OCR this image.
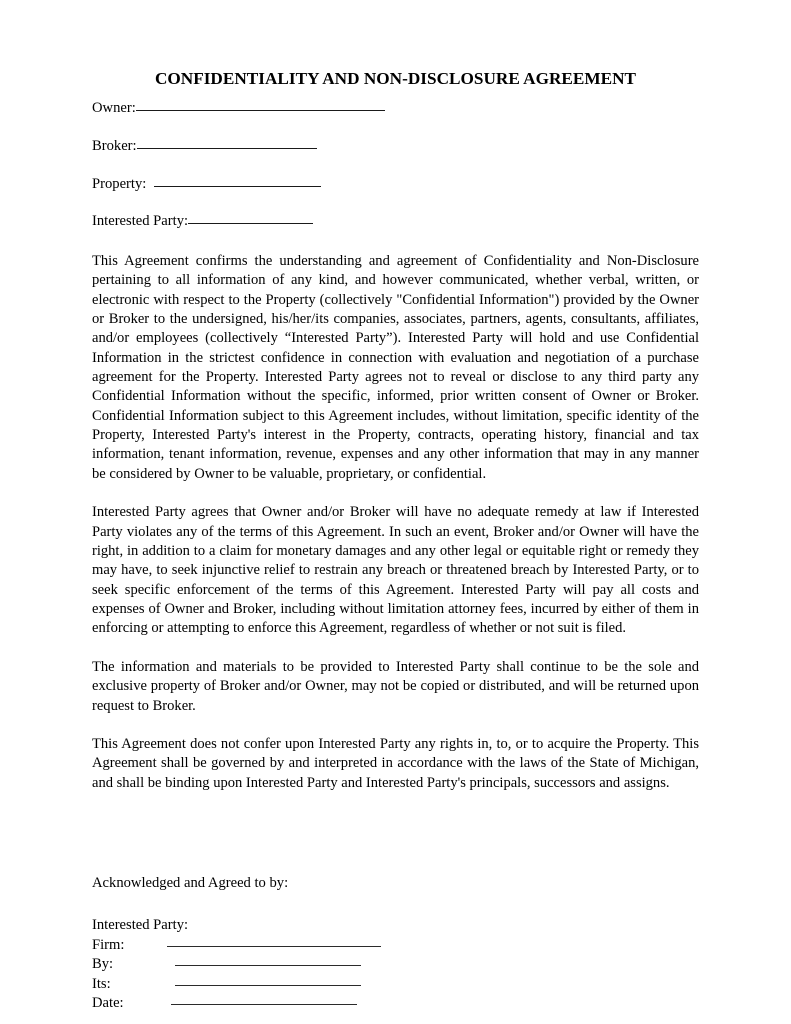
CONFIDENTIALITY AND NON-DISCLOSURE AGREEMENT
Owner:
Broker:
Property:
Interested Party:

This Agreement confirms the understanding and agreement of Confidentiality and Non-Disclosure pertaining to all information of any kind, and however communicated, whether verbal, written, or electronic with respect to the Property (collectively "Confidential Information") provided by the Owner or Broker to the undersigned, his/her/its companies, associates, partners, agents, consultants, affiliates, and/or employees (collectively “Interested Party”). Interested Party will hold and use Confidential Information in the strictest confidence in connection with evaluation and negotiation of a purchase agreement for the Property. Interested Party agrees not to reveal or disclose to any third party any Confidential Information without the specific, informed, prior written consent of Owner or Broker. Confidential Information subject to this Agreement includes, without limitation, specific identity of the Property, Interested Party's interest in the Property, contracts, operating history, financial and tax information, tenant information, revenue, expenses and any other information that may in any manner be considered by Owner to be valuable, proprietary, or confidential.

Interested Party agrees that Owner and/or Broker will have no adequate remedy at law if Interested Party violates any of the terms of this Agreement. In such an event, Broker and/or Owner will have the right, in addition to a claim for monetary damages and any other legal or equitable right or remedy they may have, to seek injunctive relief to restrain any breach or threatened breach by Interested Party, or to seek specific enforcement of the terms of this Agreement. Interested Party will pay all costs and expenses of Owner and Broker, including without limitation attorney fees, incurred by either of them in enforcing or attempting to enforce this Agreement, regardless of whether or not suit is filed.

The information and materials to be provided to Interested Party shall continue to be the sole and exclusive property of Broker and/or Owner, may not be copied or distributed, and will be returned upon request to Broker.

This Agreement does not confer upon Interested Party any rights in, to, or to acquire the Property. This Agreement shall be governed by and interpreted in accordance with the laws of the State of Michigan, and shall be binding upon Interested Party and Interested Party's principals, successors and assigns.

Acknowledged and Agreed to by:
Interested Party:
Firm:
By:
Its:
Date:
